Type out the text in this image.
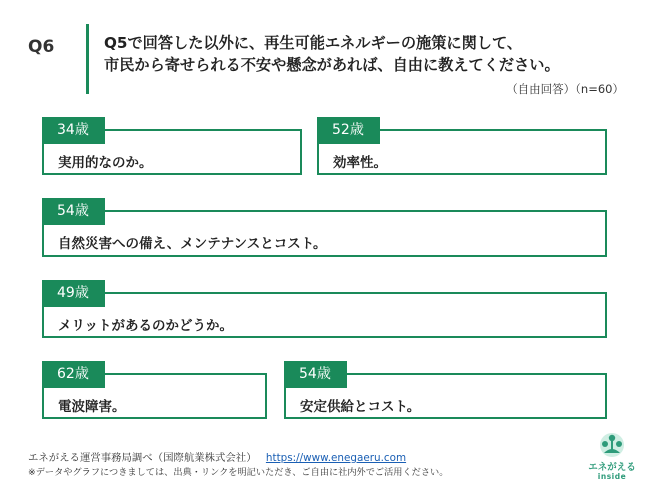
Q6	Q5で回答した以外に、再生可能エネルギーの施策に関して、
市民から寄せられる不安や懸念があれば、自由に教えてください。
（自由回答）（n=60）
34歳
実用的なのか。
52歳
効率性。
54歳
自然災害への備え、メンテナンスとコスト。
49歳
メリットがあるのかどうか。
62歳
電波障害。
54歳
安定供給とコスト。
エネがえる運営事務局調べ（国際航業株式会社） https://www.enegaeru.com
※データやグラフにつきましては、出典・リンクを明記いただき、ご自由に社内外でご活用ください。	エネがえる
inside
